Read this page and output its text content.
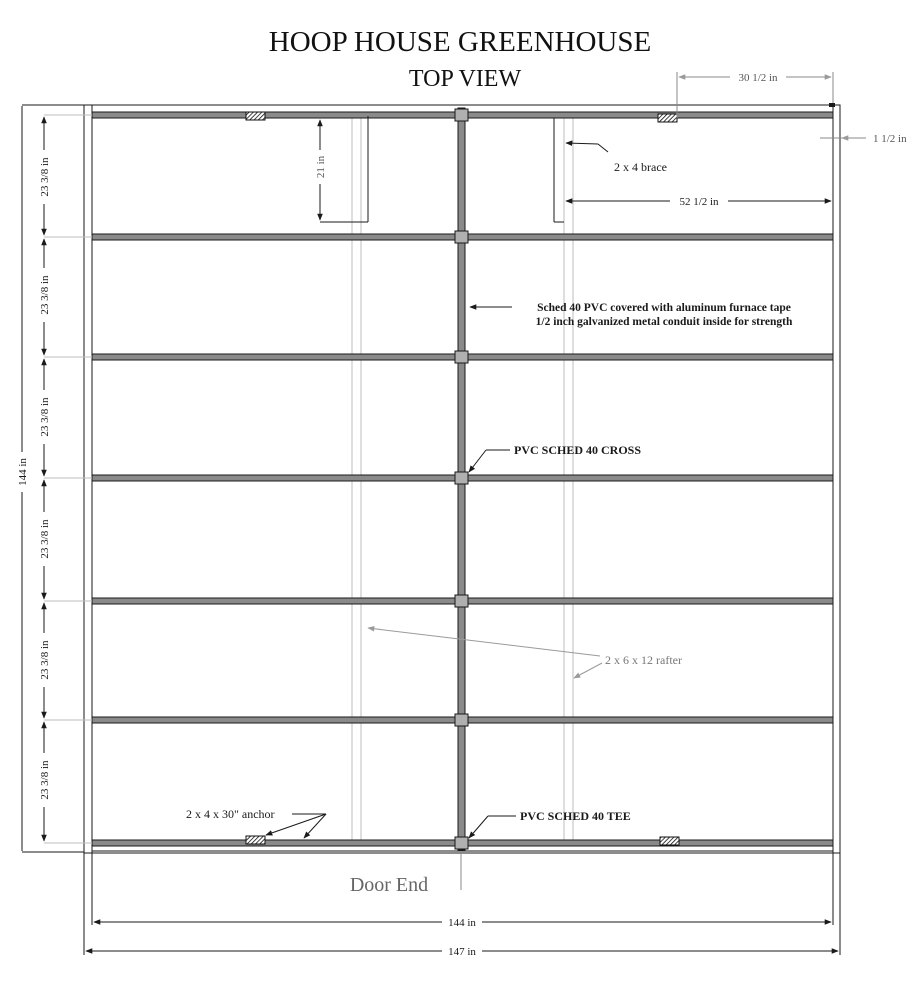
HOOP HOUSE GREENHOUSE
TOP VIEW
23 3/8 in
23 3/8 in
23 3/8 in
23 3/8 in
23 3/8 in
23 3/8 in
144 in
30 1/2 in
1 1/2 in
21 in
52 1/2 in
2 x 4 brace
Sched 40 PVC covered with aluminum furnace tape
1/2 inch galvanized metal conduit inside for strength
PVC SCHED 40 CROSS
2 x 6 x 12 rafter
2 x 4 x 30" anchor	PVC SCHED 40 TEE
Door End
144 in
147 in
